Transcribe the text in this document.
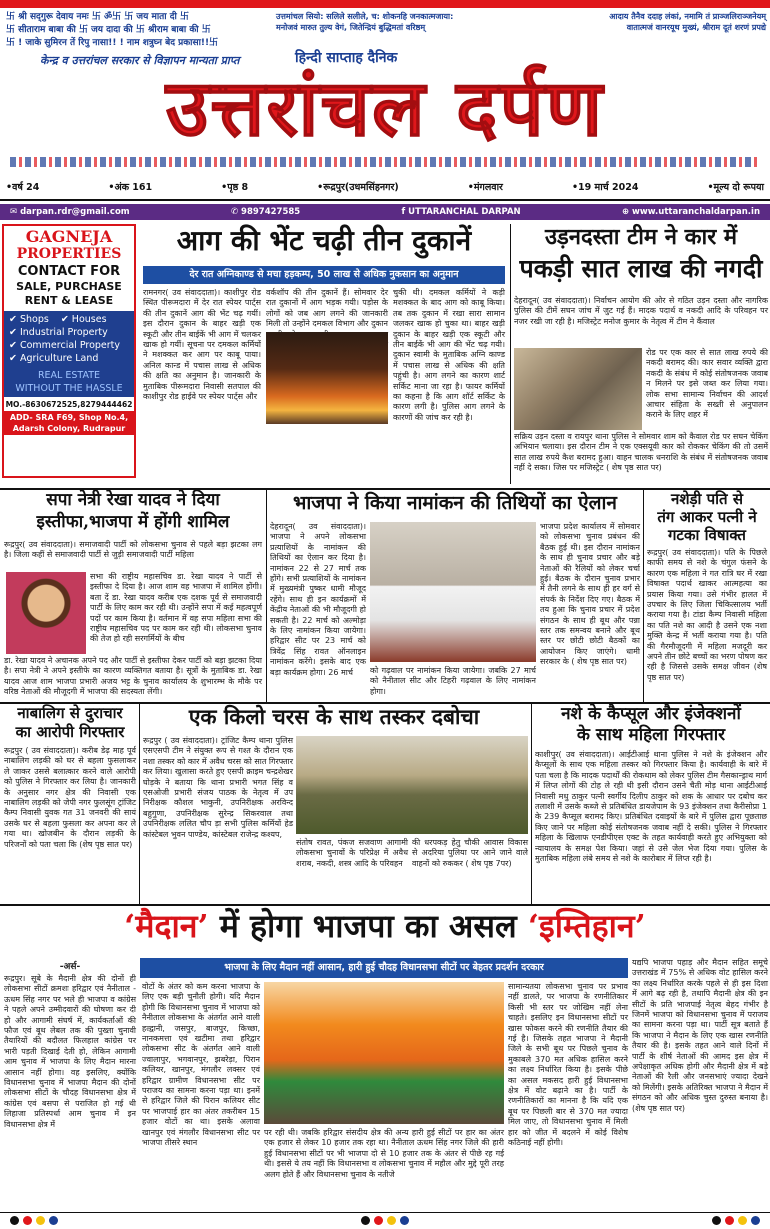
卐 श्री सद्‌गुरू देवाय नमः 卐 ॐ卐 卐 जय माता दी 卐
卐 सीताराम बाबा की 卐 जय दादा की 卐 श्रीराम बाबा की 卐
卐 ! जाके सुमिरन तें रिपु नासा!! ! नाम शत्रुघ्न बेद प्रकासा!!卐
उत्तमांचल सियो: सलिले सलीले, च: शोकनहि जनकात्मजाया:	आदाय तैनैव ददाह लंकां, नमामि तं प्राञ्जलिराञ्जनेयम्
मनोजवं मारुत तुल्य वेगं, जितेन्द्रियं बुद्धिमतां वरिष्ठम्	वातात्मजं वानरयूथ मुख्यं, श्रीराम दूतं शरणं प्रपद्ये
केन्द्र व उत्तरांचल सरकार से विज्ञापन मान्यता प्राप्त	हिन्दी साप्ताह दैनिक
उत्तरांचल दर्पण
•वर्ष 24	•अंक 161	•पृष्ठ 8	•रूद्रपुर(उधमसिंहनगर)	•मंगलवार	•19 मार्च 2024	•मूल्य दो रूपया
✉ darpan.rdr@gmail.com	✆ 9897427585	f UTTARANCHAL DARPAN	⊕ www.uttaranchaldarpan.in
GAGNEJA
PROPERTIES
CONTACT FOR
SALE, PURCHASE
RENT & LEASE
✔ Shops ✔ Houses
✔ Industrial Property
✔ Commercial Property
✔ Agriculture Land
REAL ESTATE
WITHOUT THE HASSLE
MO.-8630672525,8279444462
ADD- SRA F69, Shop No.4,
Adarsh Colony, Rudrapur
आग की भेंट चढ़ी तीन दुकानें
देर रात अग्निकाण्ड से मचा हड़कम्प, 50 लाख से अधिक नुकसान का अनुमान
रामनगर( उव संवाददाता)। काशीपुर रोड स्थित पीरूमदारा में देर रात स्पेयर पार्ट्स की तीन दुकानें आग की भेंट चढ़ गयीं। इस दौरान दुकान के बाहर खड़ी एक स्कूटी और तीन बाईकें भी आग में चलकर खाक हो गयीं। सूचना पर दमकल कर्मियों ने मशक्कत कर आग पर काबू पाया। अनिल कान्ड में पचास लाख से अधिक की क्षति का अनुमान है। जानकारी के मुताबिक पीरूमदारा निवासी सतपाल की काशीपुर रोड हाईवे पर स्पेयर पार्ट्स और
वर्कशॉप की तीन दुकानें हैं। सोमवार देर रात दुकानों में आग भड़क गयी। पड़ोस के लोगों को जब आग लगने की जानकारी मिली तो उन्होंने दमकल विभाग और दुकान
चुकी थी। दमकल कर्मियों ने कड़ी मशक्कत के बाद आग को काबू किया। तब तक दुकान में रखा सारा सामान जलकर खाक हो चुका था। बाहर खड़ी दुकान के बाहर खड़ी एक स्कूटी और तीन बाईकें भी आग की भेंट चढ़ गयी। दुकान स्वामी के मुताबिक अग्नि काण्ड में पचास लाख से अधिक की क्षति पहुंची है। आग लगने का कारण शार्ट सर्किट माना जा रहा है। फायर कर्मियों का कहना है कि आग शॉर्ट सर्किट के कारण लगी है। पुलिस आग लगने के कारणों की जांच कर रही है।
उड़नदस्ता टीम ने कार में
पकड़ी सात लाख की नगदी
देहरादून( उव संवाददाता)। निर्वाचन आयोग की ओर से गठित उड़न दस्ता और नागरिक पुलिस की टीमें सघन जांच में जुट गई हैं। मादक पदार्थ व नकदी आदि के परिवहन पर नजर रखी जा रही है। मजिस्ट्रेट मनोज कुमार के नेतृत्व में टीम ने कैंवाल
रोड पर एक कार से सात लाख रुपये की नकदी बरामद की। कार सवार व्यक्ति द्वारा नकदी के संबंध में कोई संतोषजनक जवाब न मिलने पर इसे जब्त कर लिया गया। लोक सभा सामान्य निर्वाचन की आदर्श आचार संहिता के सख्ती से अनुपालन कराने के लिए शहर में
सक्रिय उड़न दस्ता व रायपुर थाना पुलिस ने सोमवार शाम को कैवाल रोड पर सघन चेकिंग अभियान चलाया। इस दौरान टीम ने एक एक्सयूवी कार को रोककर चेकिंग की तो उसमें सात लाख रुपये कैश बरामद हुआ। वाहन चालक धनराशि के संबंध में संतोषजनक जवाब नहीं दे सका। जिस पर मजिस्ट्रेट ( शेष पृष्ठ सात पर)
सपा नेत्री रेखा यादव ने दिया
इस्तीफा,भाजपा में होंगी शामिल
रूद्रपुर( उव संवाददाता)। समाजवादी पार्टी को लोकसभा चुनाव से पहले बड़ा झटका लग है। जिला कहीं से समाजवादी पार्टी से जुड़ी समाजवादी पार्टी महिला
सभा की राष्ट्रीय महासचिव डा. रेखा यादव ने पार्टी से इस्तीफा दे दिया है। आज शाम वह भाजपा में शामिल होंगी। बता दें डा. रेखा यादव करीब एक दशक पूर्व से समाजवादी पार्टी के लिए काम कर रही थी। उन्होंने सपा में कई महत्वपूर्ण पदों पर काम किया है। वर्तमान में वह सपा महिला सभा की राष्ट्रीय महासचिव पद पर काम कर रही थी। लोकसभा चुनाव की तेज हो रही सरगर्मियों के बीच
डा. रेखा यादव ने अचानक अपने पद और पार्टी से इस्तीफा देकर पार्टी को बड़ा झटका दिया है। सपा नेत्री ने अपने इस्तीफे का कारण व्यक्तिगत बताया है। सूत्रों के मुताबिक डा. रेखा यादव आज शाम भाजपा प्रभारी अजय भट्ट के चुनाव कार्यालय के शुभारम्भ के मौके पर वरिष्ठ नेताओं की मौजूदगी में भाजपा की सदस्यता लेंगी।
भाजपा ने किया नामांकन की तिथियों का ऐलान
देहरादून( उव संवाददाता)। भाजपा ने अपने लोकसभा प्रत्याशियों के नामांकन की तिथियों का ऐलान कर दिया है। नामांकन 22 से 27 मार्च तक होंगे। सभी प्रत्याशियों के नामांकन में मुख्यमंत्री पुष्कर धामी मौजूद रहेंगे। साथ ही इन कार्यक्रमों में केंद्रीय नेताओं की भी मौजूदगी हो सकती है। 22 मार्च को अल्मोड़ा के लिए नामांकन किया जायेगा। हरिद्वार सीट पर 23 मार्च को त्रिवेंद्र सिंह रावत ऑनलाइन नामांकन करेंगे। इसके बाद एक बड़ा कार्यक्रम होगा। 26 मार्च	को गढ़वाल पर नामांकन किया जायेगा। जबकि 27 मार्च को नैनीताल सीट और टिहरी गढ़वाल के लिए नामांकन होगा।
भाजपा प्रदेश कार्यालय में सोमवार को लोकसभा चुनाव प्रबंधन की बैठक हुई थी। इस दौरान नामांकन के साथ ही चुनाव प्रचार और बड़े नेताओं की रैलियों को लेकर चर्चा हुई। बैठक के दौरान चुनाव प्रभार में तैनी लगने के साथ ही हर वर्ग से संपर्क के निर्देश दिए गए। बैठक में तय हुआ कि चुनाव प्रचार में प्रदेश संगठन के साथ ही बूथ और पन्ना स्तर तक समन्वय बनाने और बूथ स्तर पर छोटी छोटी बैठकों का आयोजन किए जाएंगे। धामी सरकार के ( शेष पृष्ठ सात पर)
नशेड़ी पति से
तंग आकर पत्नी ने
गटका विषाक्त
रूद्रपुर( उव संवाददाता)। पति के पिछले काफी समय से नशे के चंगुल फंसने के कारण एक महिला ने गत रात्रि घर में रखा विषाक्त पदार्थ खाकर आत्महत्या का प्रयास किया गया। उसे गंभीर हालत में उपचार के लिए जिला चिकित्सालय भर्ती कराया गया है। टांडा कैम्प निवासी महिला का पति नशे का आदी है उसने एक नशा मुक्ति केन्द्र में भर्ती कराया गया है। पति की गैरमौजूदगी में महिला मजदूरी कर अपने तीन छोटे बच्चों का भरण पोषण कर रही है जिससे उसके समक्ष जीवन (शेष पृष्ठ सात पर)
नाबालिग से दुराचार
का आरोपी गिरफ्तार
रूद्रपुर ( उव संवाददाता)। करीब डेढ़ माह पूर्व नाबालिग लड़की को घर से बहला फुसलाकर ले जाकर उससे बलात्कार करने वाले आरोपी को पुलिस ने गिरफ्तार कर लिया है। जानकारी के अनुसार नगर क्षेत्र की निवासी एक नाबालिग लड़की को जेपी नगर फुलसूंग ट्रांजिट कैम्प निवासी युवक गत 31 जनवरी की सायं उसके घर से बहला फुसला कर अपना कर ले गया था। खोजबीन के दौरान लड़की के परिजनों को पता चला कि (शेष पृष्ठ सात पर)
एक किलो चरस के साथ तस्कर दबोचा
रूद्रपुर ( उव संवाददाता)। ट्रांजिट कैम्प थाना पुलिस एसएसपी टीम ने संयुक्त रूप से गश्त के दौरान एक नशा तस्कर को कार में अवैध चरस को सात गिरफ्तार कर लिया। खुलासा करते हुए एसपी क्राइम चन्द्रशेखर घोड़के ने बताया कि थाना प्रभारी भगत सिंह व एसओजी प्रभारी संजय पाठक के नेतृत्व में उप निरीक्षक कौशल भाकुनी, उपनिरीक्षक अरविन्द बहुगुणा, उपनिरीक्षक सुरेन्द्र सिकरवाल तथा उपनिरीक्षक ललित चौप ड़ा सभी पुलिस कर्मियों हेड कांस्टेबल भुवन पाण्डेय, कांस्टेबल राजेन्द्र कश्यप,
संतोष रावत, पंकज सजवाण आगामी लोकसभा चुनावों के परिप्रेक्ष में अवैध शराब, नकदी, शस्त्र आदि के परिवहन
की धरपकड़ हेतु चौकी आवास विकास से अदरिया पुलिया पर आने जाने वाले वाहनों को रुककर ( शेष पृष्ठ 7पर)
नशे के कैप्सूल और इंजेक्शनों
के साथ महिला गिरफ्तार
काशीपुर( उव संवाददाता)। आईटीआई थाना पुलिस ने नशे के इंजेक्शन और कैप्सूलों के साथ एक महिला तस्कर को गिरफ्तार किया है। कार्यवाही के बारे में पता चला है कि मादक पदार्थों की रोकथाम को लेकर पुलिस टीम गैसकान्ड्राथ मार्ग में लिप्त लोगों की टोह ले रही थी इसी दौरान उसने चैती मोड़ थाना आईटीआई निवासी मधु ठाकुर पत्नी स्वर्गीय दिलीप ठाकुर को शक के आधार पर दबोच कर तलाशी में उसके कब्जे से प्रतिबंधित डायजेपाम के 93 इंजेक्शन तथा कैरीसोप्रा 1 के 239 कैप्सूल बरामद किए। प्रतिबंधित दवाइयों के बारे में पुलिस द्वारा पूछताछ किए जाने पर महिला कोई संतोषजनक जवाब नहीं दे सकी। पुलिस ने गिरफ्तार महिला के खिलाफ एनडीपीएस एक्ट के तहत कार्यवाही करते हुए अभियुक्ता को न्यायालय के समक्ष पेश किया। जहां से उसे जेल भेज दिया गया। पुलिस के मुताबिक महिला लंबे समय से नशे के कारोबार में लिप्त रही है।
‘मैदान’ में होगा भाजपा का असल ‘इम्तिहान’
-अर्स-
रूद्रपुर। सूबे के मैदानी क्षेत्र की दोनों ही लोकसभा सीटों क्रमशः हरिद्वार एवं नैनीताल - ऊधम सिंह नगर पर भले ही भाजपा व कांग्रेस ने पहले अपने उम्मीदवारों की घोषणा कर दी हो और आगामी संघर्ष में, कार्यकर्ताओं की फौज एवं बूथ लेबल तक की पुख्ता चुनावी तैयारियों की बदौलत फिलहाल कांग्रेस पर भारी पड़ती दिखाई देती हो, लेकिन आगामी आम चुनाव में भाजपा के लिए मैदान मारना आसान नहीं होगा। वह इसलिए, क्योंकि विधानसभा चुनाव में भाजपा मैदान की दोनों लोकसभा सीटों के चौदह विधानसभा क्षेत्र में कांग्रेस एवं बसपा से पराजित हो गई थी लिहाजा प्रतिस्पर्धा आम चुनाव में इन विधानसभा क्षेत्र में
भाजपा के लिए मैदान नहीं आसान, हारी हुई चौदह विधानसभा सीटों पर बेहतर प्रदर्शन दरकार
वोटों के अंतर को कम करना भाजपा के लिए एक बड़ी चुनौती होगी। यदि मैदान होगी कि विधानसभा चुनाव में भाजपा को नैनीताल लोकसभा के अंतर्गत आने वाली हल्द्वानी, जसपुर, बाजपुर, किच्छा, नानकमत्ता एवं खटीमा तथा हरिद्वार लोकसभा सीट के अंतर्गत आने वाली ज्वालापुर, भगवानपुर, झबरेड़ा, पिरान कलियर, खानपुर, मंगलौर लक्सर एवं हरिद्वार ग्रामीण विधानसभा सीट पर पराजय का सामना करना पड़ा था। इनमें से हरिद्वार जिले की पिरान कलियर सीट पर भाजपाई हार का अंतर तकरीबन 15 हजार वोटों का था। इसके अलावा खानपुर एवं मंगलौर विधानसभा सीट पर भाजपा तीसरे स्थान
पर रही थी। जबकि हरिद्वार संसदीय क्षेत्र की अन्य हारी हुई सीटों पर हार का अंतर एक हजार से लेकर 10 हजार तक रहा था। नैनीताल ऊधम सिंह नगर जिले की हारी हुई विधानसभा सीटों पर भी भाजपा दो से 10 हजार तक के अंतर से पीछे रह गई थी। इससे ये तय नहीं कि विधानसभा व लोकसभा चुनाव में महौल और मुद्दे पूरी तरह अलग होते हैं और विधानसभा चुनाव के नतीजे
सामान्यतया लोकसभा चुनाव पर प्रभाव नहीं डालते, पर भाजपा के रणनीतिकार किसी भी स्तर पर जोखिम नहीं लेना चाहते। इसलिए इन विधानसभा सीटों पर खास फोकस करने की रणनीति तैयार की गई है। जिसके तहत भाजपा ने मैदानी जिले के सभी बूथ पर पिछले चुनाव के मुकाबले 370 मत अधिक हासिल करने का लक्ष्य निर्धारित किया है। इसके पीछे का असल मकसद हारी हुई विधानसभा क्षेत्र में वोट बढ़ाने का है। पार्टी के रणनीतिकारों का मानना है कि यदि एक बूथ पर पिछली बार से 370 मत ज्यादा मिल जाए, तो विधानसभा चुनाव में मिली हार को जीत में बदलने में कोई विशेष कठिनाई नहीं होगी।
यद्यपि भाजपा पहाड़ और मैदान सहित समूचे उत्तराखंड में 75% से अधिक वोट हासिल करने का लक्ष्य निर्धारित करके पहले से ही इस दिशा में आगे बढ़ रही है, तथापि मैदानी क्षेत्र की इन सीटों के प्रति भाजपाई नेतृत्व बेहद गंभीर है जिनमें भाजपा को विधानसभा चुनाव में पराजय का सामना करना पड़ा था। पार्टी सूत्र बताते हैं कि भाजपा ने मैदान के लिए एक खास रणनीति तैयार की है। इसके तहत आने वाले दिनों में पार्टी के शीर्ष नेताओं की आमद इस क्षेत्र में अपेक्षाकृत अधिक होगी और मैदानी क्षेत्र में बड़े नेताओं की रैली और जनसभाएं ज्यादा देखने को मिलेंगी। इसके अतिरिक्त भाजपा ने मैदान में संगठन को और अधिक चुस्त दुरुस्त बनाया है। (शेष पृष्ठ सात पर)
